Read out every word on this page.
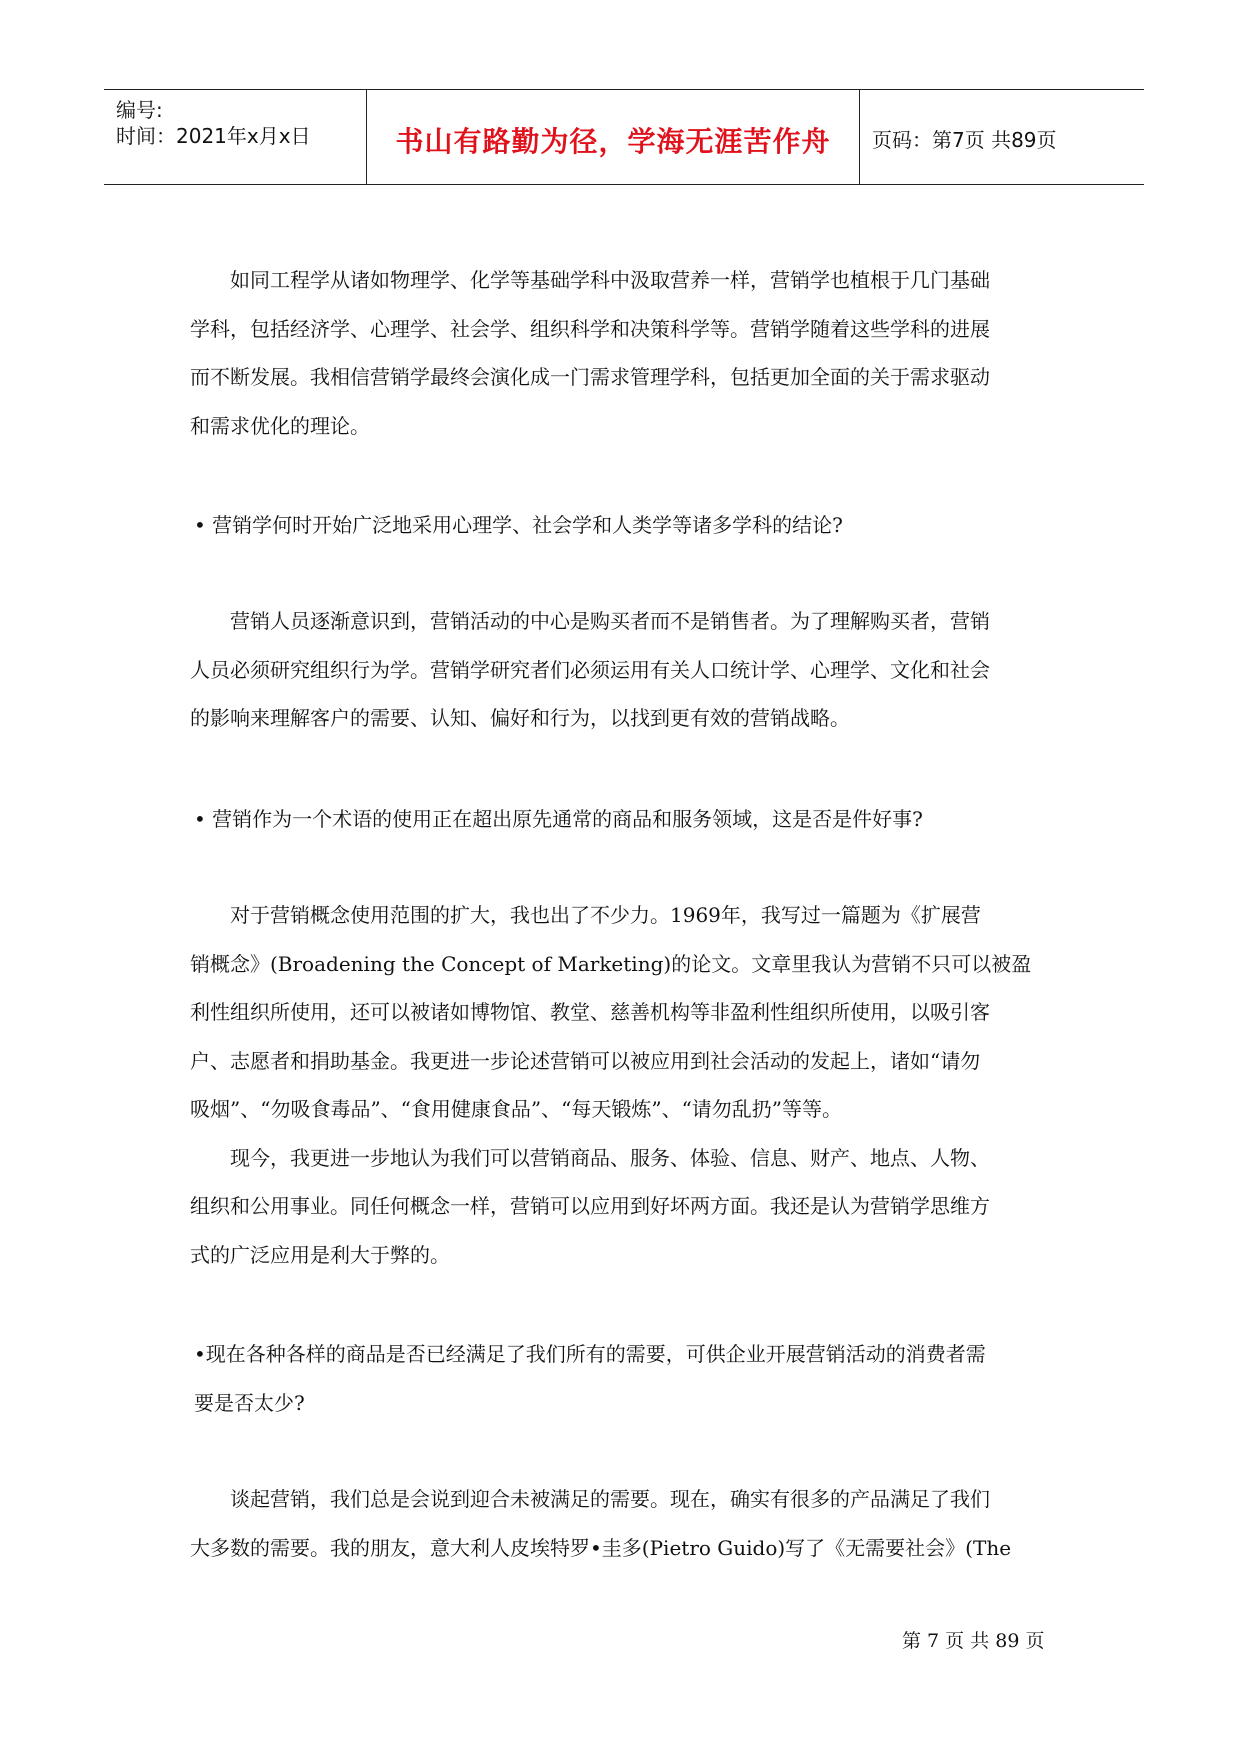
编号:
时间：2021年x月x日	书山有路勤为径，学海无涯苦作舟	页码：第7页 共89页
　　如同工程学从诸如物理学、化学等基础学科中汲取营养一样，营销学也植根于几门基础
学科，包括经济学、心理学、社会学、组织科学和决策科学等。营销学随着这些学科的进展
而不断发展。我相信营销学最终会演化成一门需求管理学科，包括更加全面的关于需求驱动
和需求优化的理论。
• 营销学何时开始广泛地采用心理学、社会学和人类学等诸多学科的结论?
　　营销人员逐渐意识到，营销活动的中心是购买者而不是销售者。为了理解购买者，营销
人员必须研究组织行为学。营销学研究者们必须运用有关人口统计学、心理学、文化和社会
的影响来理解客户的需要、认知、偏好和行为，以找到更有效的营销战略。
• 营销作为一个术语的使用正在超出原先通常的商品和服务领域，这是否是件好事?
　　对于营销概念使用范围的扩大，我也出了不少力。1969年，我写过一篇题为《扩展营
销概念》(Broadening the Concept of Marketing)的论文。文章里我认为营销不只可以被盈
利性组织所使用，还可以被诸如博物馆、教堂、慈善机构等非盈利性组织所使用，以吸引客
户、志愿者和捐助基金。我更进一步论述营销可以被应用到社会活动的发起上，诸如“请勿
吸烟”、“勿吸食毒品”、“食用健康食品”、“每天锻炼”、“请勿乱扔”等等。
　　现今，我更进一步地认为我们可以营销商品、服务、体验、信息、财产、地点、人物、
组织和公用事业。同任何概念一样，营销可以应用到好坏两方面。我还是认为营销学思维方
式的广泛应用是利大于弊的。
•现在各种各样的商品是否已经满足了我们所有的需要，可供企业开展营销活动的消费者需
要是否太少?
　　谈起营销，我们总是会说到迎合未被满足的需要。现在，确实有很多的产品满足了我们
大多数的需要。我的朋友，意大利人皮埃特罗•圭多(Pietro Guido)写了《无需要社会》(The
第 7 页 共 89 页
